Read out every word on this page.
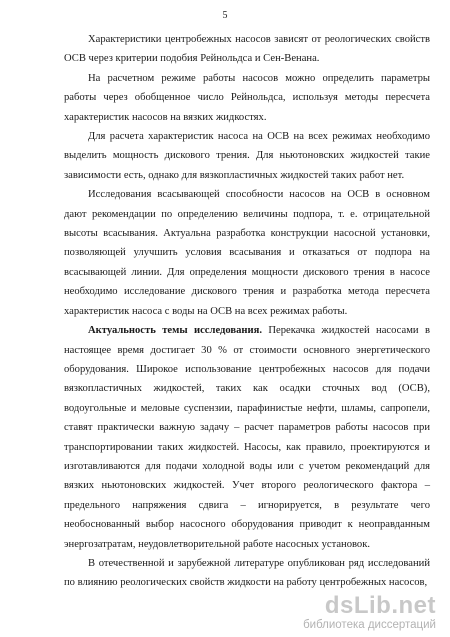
5

Характеристики центробежных насосов зависят от реологических свойств ОСВ через критерии подобия Рейнольдса и Сен-Венана.

На расчетном режиме работы насосов можно определить параметры работы через обобщенное число Рейнольдса, используя методы пересчета характеристик насосов на вязких жидкостях.

Для расчета характеристик насоса на ОСВ на всех режимах необходимо выделить мощность дискового трения. Для ньютоновских жидкостей такие зависимости есть, однако для вязкопластичных жидкостей таких работ нет.

Исследования всасывающей способности насосов на ОСВ в основном дают рекомендации по определению величины подпора, т. е. отрицательной высоты всасывания. Актуальна разработка конструкции насосной установки, позволяющей улучшить условия всасывания и отказаться от подпора на всасывающей линии. Для определения мощности дискового трения в насосе необходимо исследование дискового трения и разработка метода пересчета характеристик насоса с воды на ОСВ на всех режимах работы.

Актуальность темы исследования. Перекачка жидкостей насосами в настоящее время достигает 30 % от стоимости основного энергетического оборудования. Широкое использование центробежных насосов для подачи вязкопластичных жидкостей, таких как осадки сточных вод (ОСВ), водоугольные и меловые суспензии, парафинистые нефти, шламы, сапропели, ставят практически важную задачу – расчет параметров работы насосов при транспортировании таких жидкостей. Насосы, как правило, проектируются и изготавливаются для подачи холодной воды или с учетом рекомендаций для вязких ньютоновских жидкостей. Учет второго реологического фактора – предельного напряжения сдвига – игнорируется, в результате чего необоснованный выбор насосного оборудования приводит к неоправданным энергозатратам, неудовлетворительной работе насосных установок.

В отечественной и зарубежной литературе опубликован ряд исследований по влиянию реологических свойств жидкости на работу центробежных насосов,

dsLib.net
библиотека диссертаций
